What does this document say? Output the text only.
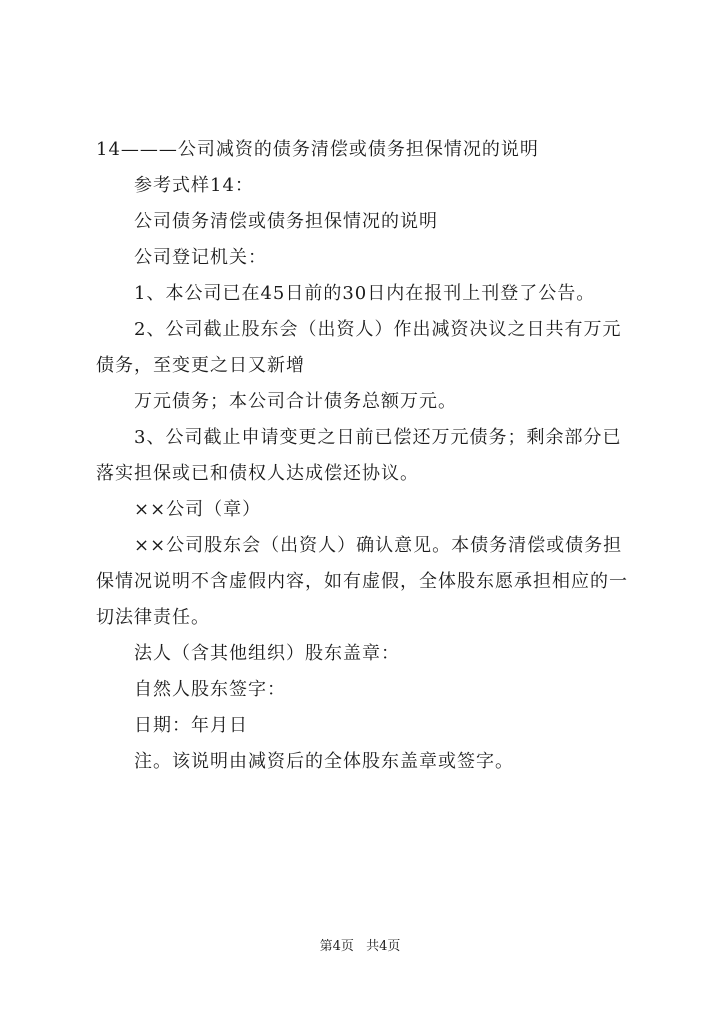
14———公司减资的债务清偿或债务担保情况的说明
参考式样14：
公司债务清偿或债务担保情况的说明
公司登记机关：
1、本公司已在45日前的30日内在报刊上刊登了公告。
2、公司截止股东会（出资人）作出减资决议之日共有万元
债务，至变更之日又新增
万元债务；本公司合计债务总额万元。
3、公司截止申请变更之日前已偿还万元债务；剩余部分已
落实担保或已和债权人达成偿还协议。
××公司（章）
××公司股东会（出资人）确认意见。本债务清偿或债务担
保情况说明不含虚假内容，如有虚假，全体股东愿承担相应的一
切法律责任。
法人（含其他组织）股东盖章：
自然人股东签字：
日期：年月日
注。该说明由减资后的全体股东盖章或签字。
第4页 共4页
